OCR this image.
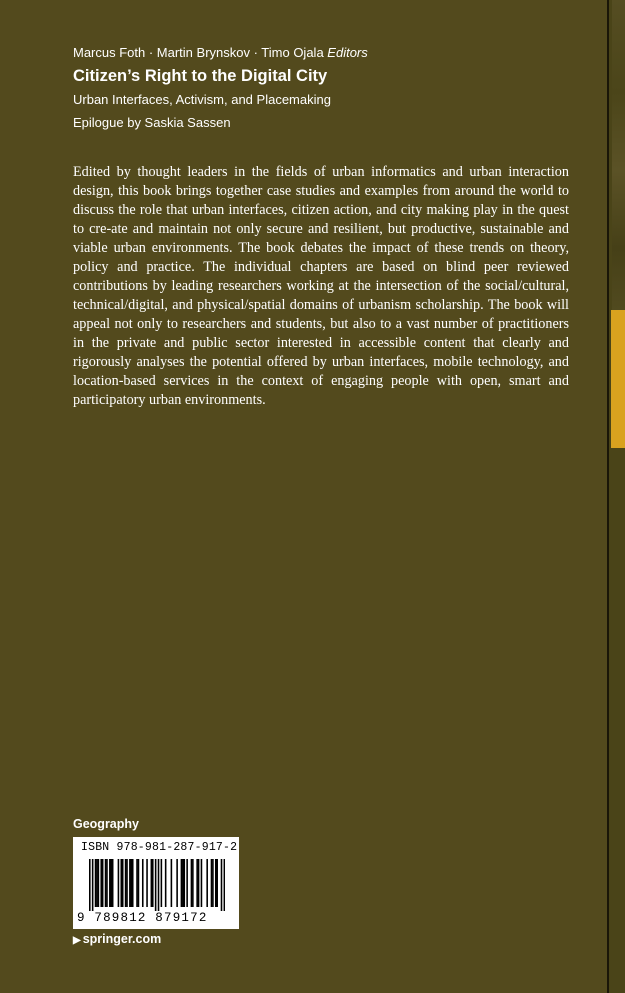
Marcus Foth · Martin Brynskov · Timo Ojala Editors
Citizen’s Right to the Digital City
Urban Interfaces, Activism, and Placemaking
Epilogue by Saskia Sassen

Edited by thought leaders in the fields of urban informatics and urban interaction design, this book brings together case studies and examples from around the world to discuss the role that urban interfaces, citizen action, and city making play in the quest to cre-ate and maintain not only secure and resilient, but productive, sustainable and viable urban environments. The book debates the impact of these trends on theory, policy and practice. The individual chapters are based on blind peer reviewed contributions by leading researchers working at the intersection of the social/cultural, technical/digital, and physical/spatial domains of urbanism scholarship. The book will appeal not only to researchers and students, but also to a vast number of practitioners in the private and public sector interested in accessible content that clearly and rigorously analyses the potential offered by urban interfaces, mobile technology, and location-based services in the context of engaging people with open, smart and participatory urban environments.

Geography
ISBN 978-981-287-917-2
9 789812 879172
▶ springer.com
